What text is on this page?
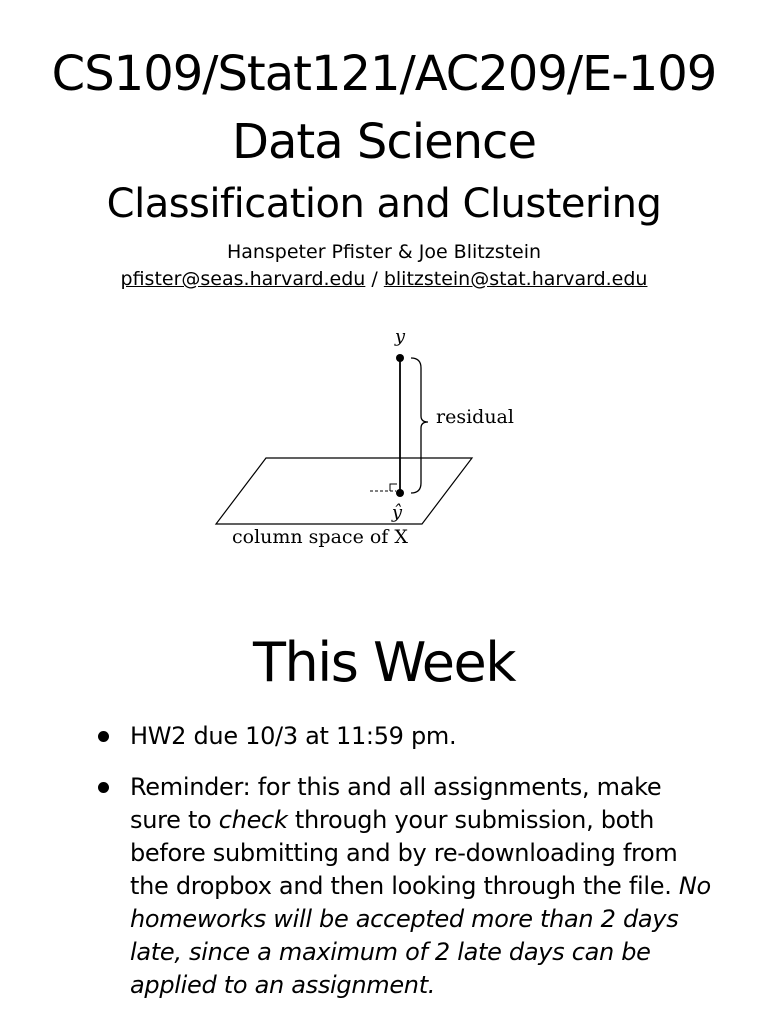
CS109/Stat121/AC209/E-109
Data Science
Classification and Clustering
Hanspeter Pfister & Joe Blitzstein
pfister@seas.harvard.edu / blitzstein@stat.harvard.edu
y
ŷ
residual
column space of X
This Week
HW2 due 10/3 at 11:59 pm.
Reminder: for this and all assignments, make sure to check through your submission, both before submitting and by re-downloading from the dropbox and then looking through the file. No homeworks will be accepted more than 2 days late, since a maximum of 2 late days can be applied to an assignment.
